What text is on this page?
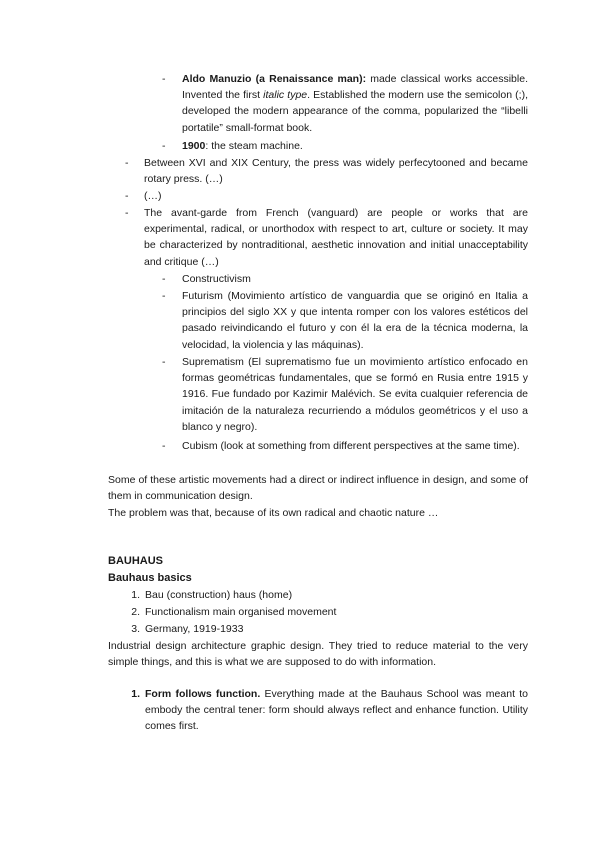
-	Aldo Manuzio (a Renaissance man): made classical works accessible. Invented the first italic type. Established the modern use the semicolon (;), developed the modern appearance of the comma, popularized the “libelli portatile” small-format book.
-	1900: the steam machine.
-	Between XVI and XIX Century, the press was widely perfecytooned and became rotary press. (…)
-	(…)
-	The avant-garde from French (vanguard) are people or works that are experimental, radical, or unorthodox with respect to art, culture or society. It may be characterized by nontraditional, aesthetic innovation and initial unacceptability and critique (…)
-	Constructivism
-	Futurism (Movimiento artístico de vanguardia que se originó en Italia a principios del siglo XX y que intenta romper con los valores estéticos del pasado reivindicando el futuro y con él la era de la técnica moderna, la velocidad, la violencia y las máquinas).
-	Suprematism (El suprematismo fue un movimiento artístico enfocado en formas geométricas fundamentales, que se formó en Rusia entre 1915 y 1916. Fue fundado por Kazimir Malévich. Se evita cualquier referencia de imitación de la naturaleza recurriendo a módulos geométricos y el uso a blanco y negro).
-	Cubism (look at something from different perspectives at the same time).
Some of these artistic movements had a direct or indirect influence in design, and some of them in communication design.
The problem was that, because of its own radical and chaotic nature …
BAUHAUS
Bauhaus basics
1. Bau (construction) haus (home)
2. Functionalism main organised movement
3. Germany, 1919-1933
Industrial design architecture graphic design. They tried to reduce material to the very simple things, and this is what we are supposed to do with information.
1. Form follows function. Everything made at the Bauhaus School was meant to embody the central tener: form should always reflect and enhance function. Utility comes first.
